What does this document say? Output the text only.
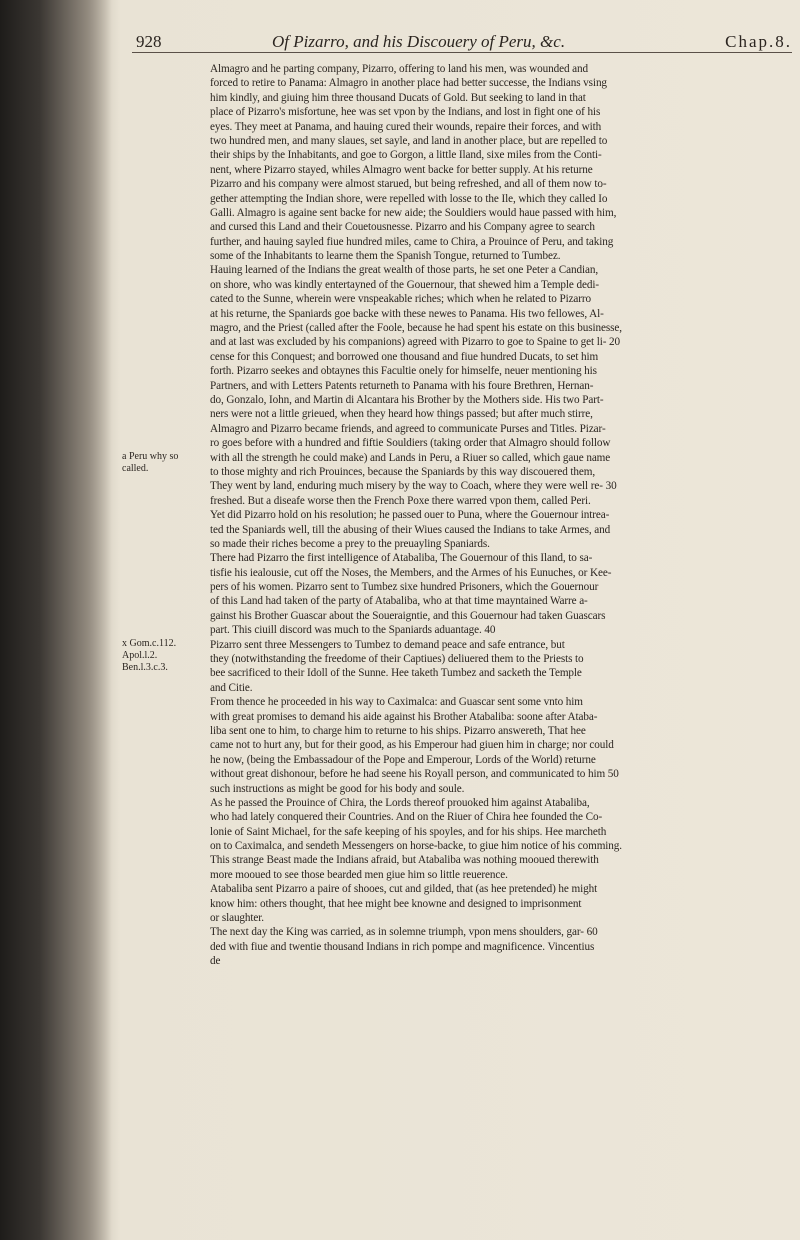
928	Of Pizarro, and his Discouery of Peru, &c.	Chap.8.
Almagro and he parting company, Pizarro, offering to land his men, was wounded and
forced to retire to Panama: Almagro in another place had better successe, the Indians vsing
him kindly, and giuing him three thousand Ducats of Gold. But seeking to land in that
place of Pizarro's misfortune, hee was set vpon by the Indians, and lost in fight one of his
eyes. They meet at Panama, and hauing cured their wounds, repaire their forces, and with
two hundred men, and many slaues, set sayle, and land in another place, but are repelled to
their ships by the Inhabitants, and goe to Gorgon, a little Iland, sixe miles from the Conti-
nent, where Pizarro stayed, whiles Almagro went backe for better supply. At his returne
Pizarro and his company were almost starued, but being refreshed, and all of them now to-
gether attempting the Indian shore, were repelled with losse to the Ile, which they called Io
Galli. Almagro is againe sent backe for new aide; the Souldiers would haue passed with him,
and cursed this Land and their Couetousnesse. Pizarro and his Company agree to search
further, and hauing sayled fiue hundred miles, came to Chira, a Prouince of Peru, and taking
some of the Inhabitants to learne them the Spanish Tongue, returned to Tumbez.
Hauing learned of the Indians the great wealth of those parts, he set one Peter a Candian,
on shore, who was kindly entertayned of the Gouernour, that shewed him a Temple dedi-
cated to the Sunne, wherein were vnspeakable riches; which when he related to Pizarro
at his returne, the Spaniards goe backe with these newes to Panama. His two fellowes, Al-
magro, and the Priest (called after the Foole, because he had spent his estate on this businesse,
and at last was excluded by his companions) agreed with Pizarro to goe to Spaine to get li- 20
cense for this Conquest; and borrowed one thousand and fiue hundred Ducats, to set him
forth. Pizarro seekes and obtaynes this Facultie onely for himselfe, neuer mentioning his
Partners, and with Letters Patents returneth to Panama with his foure Brethren, Hernan-
do, Gonzalo, Iohn, and Martin di Alcantara his Brother by the Mothers side. His two Part-
ners were not a little grieued, when they heard how things passed; but after much stirre,
Almagro and Pizarro became friends, and agreed to communicate Purses and Titles. Pizar-
ro goes before with a hundred and fiftie Souldiers (taking order that Almagro should follow
with all the strength he could make) and Lands in Peru, a Riuer so called, which gaue name
to those mighty and rich Prouinces, because the Spaniards by this way discouered them,
They went by land, enduring much misery by the way to Coach, where they were well re- 30
freshed. But a diseafe worse then the French Poxe there warred vpon them, called Peri.
Yet did Pizarro hold on his resolution; he passed ouer to Puna, where the Gouernour intrea-
ted the Spaniards well, till the abusing of their Wiues caused the Indians to take Armes, and
so made their riches become a prey to the preuayling Spaniards.
There had Pizarro the first intelligence of Atabaliba, The Gouernour of this Iland, to sa-
tisfie his iealousie, cut off the Noses, the Members, and the Armes of his Eunuches, or Kee-
pers of his women. Pizarro sent to Tumbez sixe hundred Prisoners, which the Gouernour
of this Land had taken of the party of Atabaliba, who at that time mayntained Warre a-
gainst his Brother Guascar about the Soueraigntie, and this Gouernour had taken Guascars
part. This ciuill discord was much to the Spaniards aduantage. 40
Pizarro sent three Messengers to Tumbez to demand peace and safe entrance, but
they (notwithstanding the freedome of their Captiues) deliuered them to the Priests to
bee sacrificed to their Idoll of the Sunne. Hee taketh Tumbez and sacketh the Temple
and Citie.
From thence he proceeded in his way to Caximalca: and Guascar sent some vnto him
with great promises to demand his aide against his Brother Atabaliba: soone after Ataba-
liba sent one to him, to charge him to returne to his ships. Pizarro answereth, That hee
came not to hurt any, but for their good, as his Emperour had giuen him in charge; nor could
he now, (being the Embassadour of the Pope and Emperour, Lords of the World) returne
without great dishonour, before he had seene his Royall person, and communicated to him 50
such instructions as might be good for his body and soule.
As he passed the Prouince of Chira, the Lords thereof prouoked him against Atabaliba,
who had lately conquered their Countries. And on the Riuer of Chira hee founded the Co-
lonie of Saint Michael, for the safe keeping of his spoyles, and for his ships. Hee marcheth
on to Caximalca, and sendeth Messengers on horse-backe, to giue him notice of his comming.
This strange Beast made the Indians afraid, but Atabaliba was nothing mooued therewith
more mooued to see those bearded men giue him so little reuerence.
Atabaliba sent Pizarro a paire of shooes, cut and gilded, that (as hee pretended) he might
know him: others thought, that hee might bee knowne and designed to imprisonment
or slaughter.
The next day the King was carried, as in solemne triumph, vpon mens shoulders, gar- 60
ded with fiue and twentie thousand Indians in rich pompe and magnificence. Vincentius
de
a Peru why so called.
x Gom.c.112. Apol.l.2. Ben.l.3.c.3.
